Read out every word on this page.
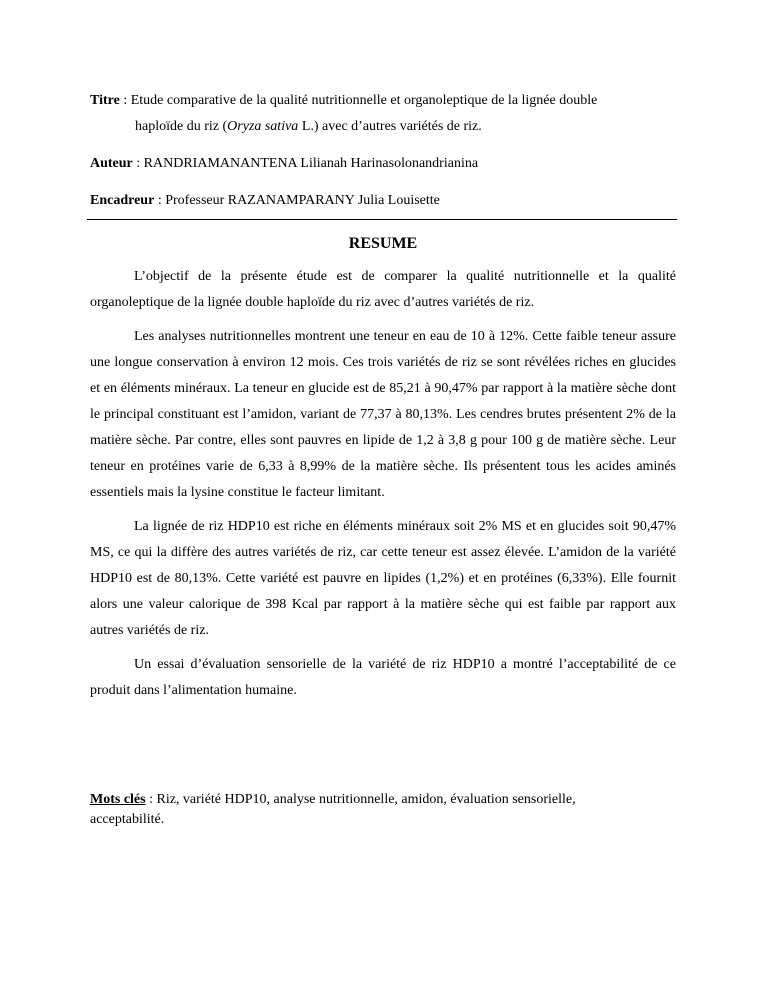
Titre : Etude comparative de la qualité nutritionnelle et organoleptique de la lignée double

haploïde du riz (Oryza sativa L.) avec d’autres variétés de riz.

Auteur : RANDRIAMANANTENA Lilianah Harinasolonandrianina

Encadreur : Professeur RAZANAMPARANY Julia Louisette

RESUME

L’objectif de la présente étude est de comparer la qualité nutritionnelle et la qualité organoleptique de la lignée double haploïde du riz avec d’autres variétés de riz.

Les analyses nutritionnelles montrent une teneur en eau de 10 à 12%. Cette faible teneur assure une longue conservation à environ 12 mois. Ces trois variétés de riz se sont révélées riches en glucides et en éléments minéraux. La teneur en glucide est de 85,21 à 90,47% par rapport à la matière sèche dont le principal constituant est l’amidon, variant de 77,37 à 80,13%. Les cendres brutes présentent 2% de la matière sèche. Par contre, elles sont pauvres en lipide de 1,2 à 3,8 g pour 100 g de matière sèche. Leur teneur en protéines varie de 6,33 à 8,99% de la matière sèche. Ils présentent tous les acides aminés essentiels mais la lysine constitue le facteur limitant.

La lignée de riz HDP10 est riche en éléments minéraux soit 2% MS et en glucides soit 90,47% MS, ce qui la diffère des autres variétés de riz, car cette teneur est assez élevée. L’amidon de la variété HDP10 est de 80,13%. Cette variété est pauvre en lipides (1,2%) et en protéines (6,33%). Elle fournit alors une valeur calorique de 398 Kcal par rapport à la matière sèche qui est faible par rapport aux autres variétés de riz.

Un essai d’évaluation sensorielle de la variété de riz HDP10 a montré l’acceptabilité de ce produit dans l’alimentation humaine.

Mots clés : Riz, variété HDP10, analyse nutritionnelle, amidon, évaluation sensorielle, acceptabilité.
